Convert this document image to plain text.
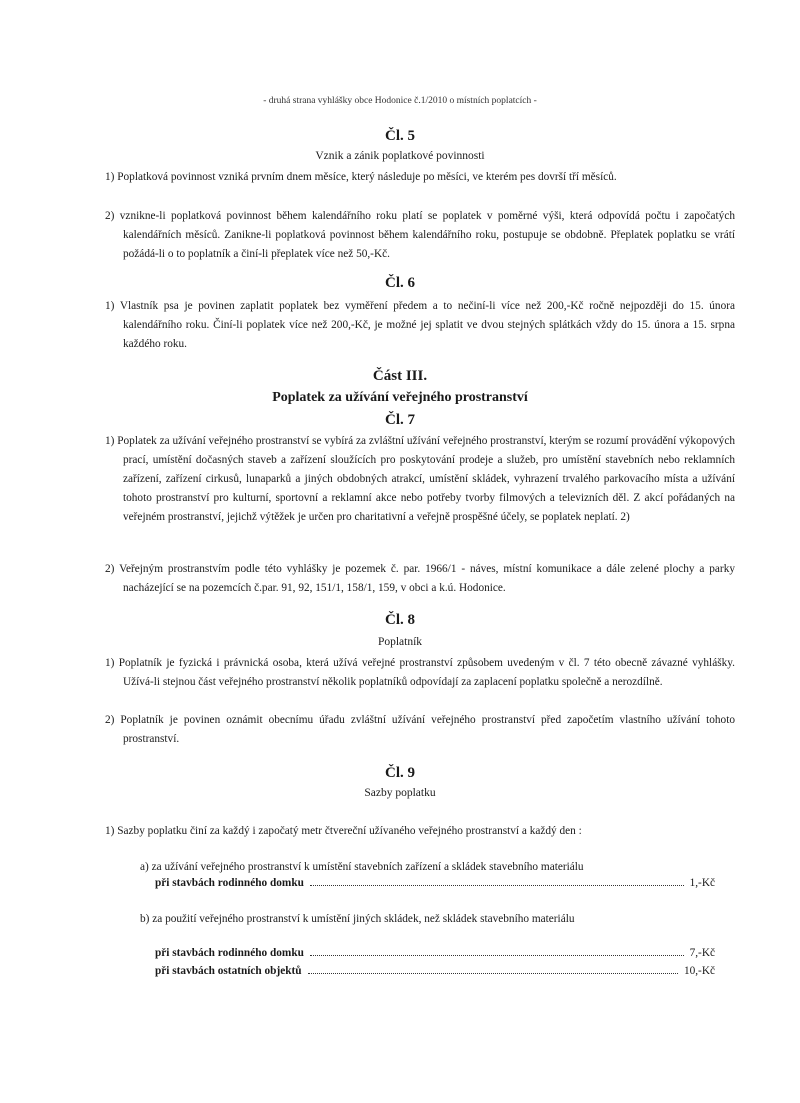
- druhá strana vyhlášky obce Hodonice č.1/2010 o místních poplatcích -
Čl. 5
Vznik a zánik poplatkové povinnosti
1) Poplatková povinnost vzniká prvním dnem měsíce, který následuje po měsíci, ve kterém pes dovrší tří měsíců.
2) vznikne-li poplatková povinnost během kalendářního roku platí se poplatek v poměrné výši, která odpovídá počtu i započatých kalendářních měsíců. Zanikne-li poplatková povinnost během kalendářního roku, postupuje se obdobně. Přeplatek poplatku se vrátí požádá-li o to poplatník a činí-li přeplatek více než 50,-Kč.
Čl. 6
1) Vlastník psa je povinen zaplatit poplatek bez vyměření předem a to nečiní-li více než 200,-Kč ročně nejpozději do 15. února kalendářního roku. Činí-li poplatek více než 200,-Kč, je možné jej splatit ve dvou stejných splátkách vždy do 15. února a 15. srpna každého roku.
Část III.
Poplatek za užívání veřejného prostranství
Čl. 7
1) Poplatek za užívání veřejného prostranství se vybírá za zvláštní užívání veřejného prostranství, kterým se rozumí provádění výkopových prací, umístění dočasných staveb a zařízení sloužících pro poskytování prodeje a služeb, pro umístění stavebních nebo reklamních zařízení, zařízení cirkusů, lunaparků a jiných obdobných atrakcí, umístění skládek, vyhrazení trvalého parkovacího místa a užívání tohoto prostranství pro kulturní, sportovní a reklamní akce nebo potřeby tvorby filmových a televizních děl. Z akcí pořádaných na veřejném prostranství, jejichž výtěžek je určen pro charitativní a veřejně prospěšné účely, se poplatek neplatí. 2)
2) Veřejným prostranstvím podle této vyhlášky je pozemek č. par. 1966/1 - náves, místní komunikace a dále zelené plochy a parky nacházející se na pozemcích č.par. 91, 92, 151/1, 158/1, 159, v obci a k.ú. Hodonice.
Čl. 8
Poplatník
1) Poplatník je fyzická i právnická osoba, která užívá veřejné prostranství způsobem uvedeným v čl. 7 této obecně závazné vyhlášky. Užívá-li stejnou část veřejného prostranství několik poplatníků odpovídají za zaplacení poplatku společně a nerozdílně.
2) Poplatník je povinen oznámit obecnímu úřadu zvláštní užívání veřejného prostranství před započetím vlastního užívání tohoto prostranství.
Čl. 9
Sazby poplatku
1) Sazby poplatku činí za každý i započatý metr čtvereční užívaného veřejného prostranství a každý den :
a) za užívání veřejného prostranství k umístění stavebních zařízení a skládek stavebního materiálu
při stavbách rodinného domku	1,-Kč
b) za použití veřejného prostranství k umístění jiných skládek, než skládek stavebního materiálu
při stavbách rodinného domku	7,-Kč
při stavbách ostatních objektů	10,-Kč
